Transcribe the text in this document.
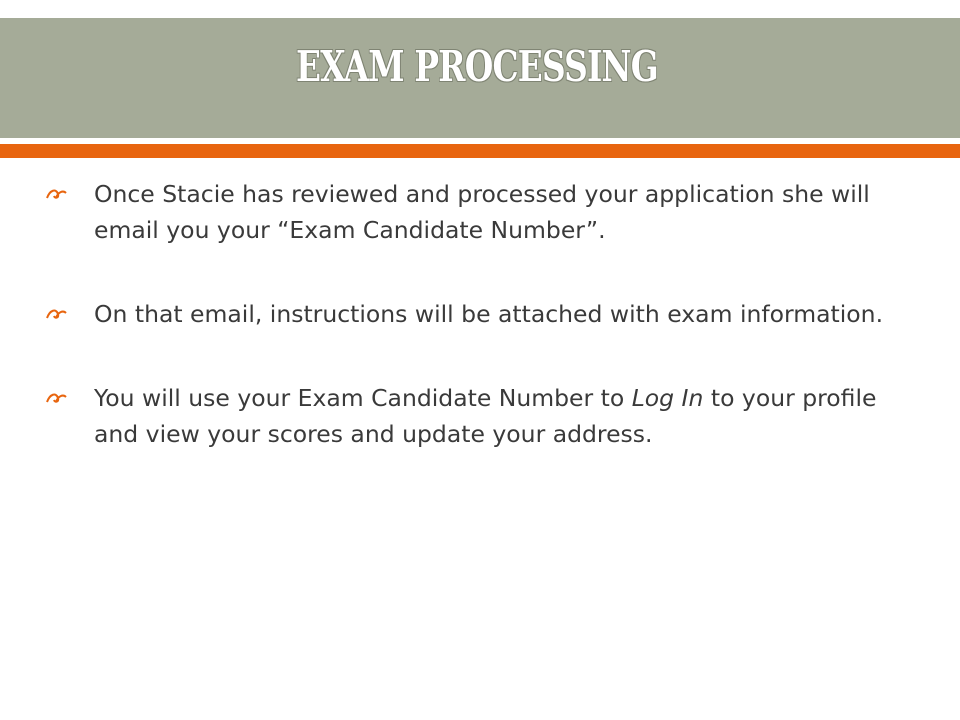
EXAM PROCESSING
Once Stacie has reviewed and processed your application she will email you your “Exam Candidate Number”.
On that email, instructions will be attached with exam information.
You will use your Exam Candidate Number to Log In to your profile and view your scores and update your address.
